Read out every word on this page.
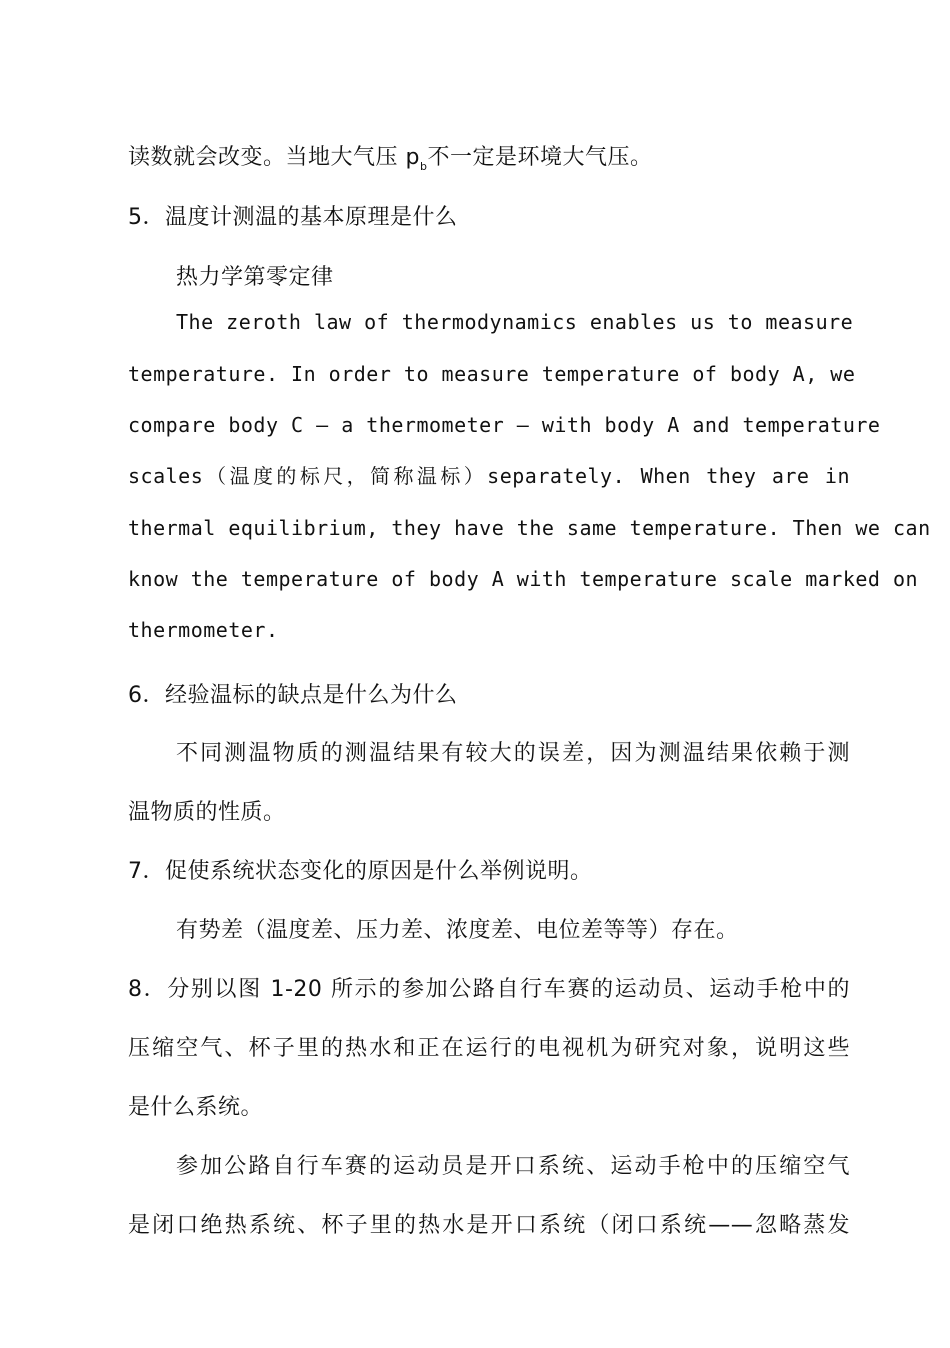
读数就会改变。当地大气压 $p_b$不一定是环境大气压。
5．温度计测温的基本原理是什么
热力学第零定律
The zeroth law of thermodynamics enables us to measure
temperature. In order to measure temperature of body A, we
compare body C — a thermometer — with body A and temperature
scales（温度的标尺，简称温标）separately. When they are in
thermal equilibrium, they have the same temperature. Then we can
know the temperature of body A with temperature scale marked on
thermometer.
6．经验温标的缺点是什么为什么
不同测温物质的测温结果有较大的误差，因为测温结果依赖于测
温物质的性质。
7．促使系统状态变化的原因是什么举例说明。
有势差（温度差、压力差、浓度差、电位差等等）存在。
8．分别以图 1-20 所示的参加公路自行车赛的运动员、运动手枪中的
压缩空气、杯子里的热水和正在运行的电视机为研究对象，说明这些
是什么系统。
参加公路自行车赛的运动员是开口系统、运动手枪中的压缩空气
是闭口绝热系统、杯子里的热水是开口系统（闭口系统——忽略蒸发
